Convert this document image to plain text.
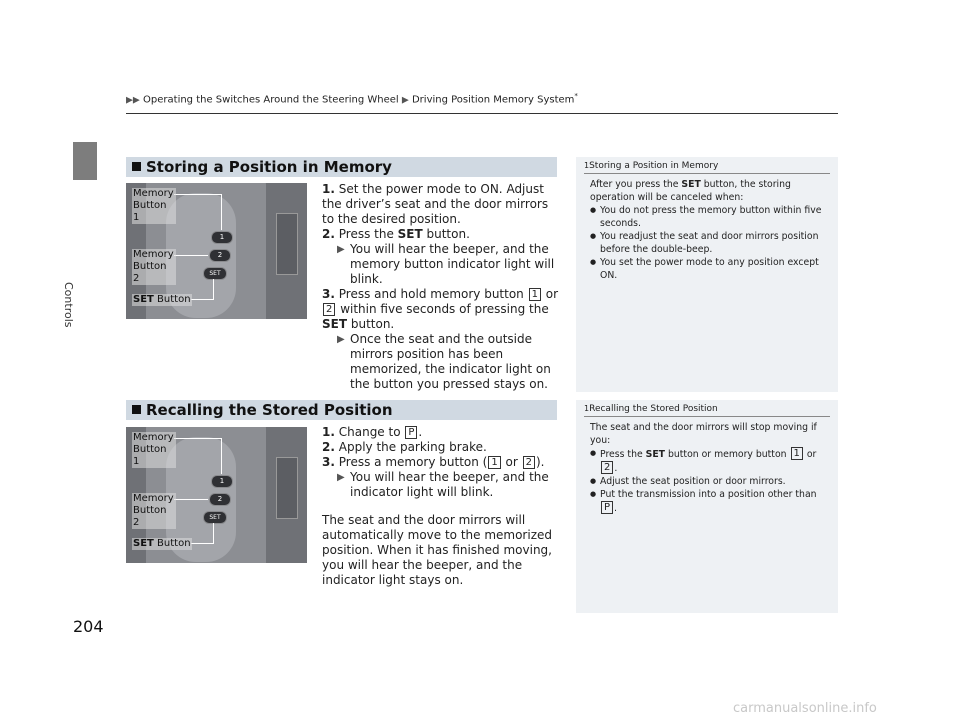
▶▶ Operating the Switches Around the Steering Wheel ▶ Driving Position Memory System*
Controls
204
Storing a Position in Memory
1
2
SET
Memory Button 1
Memory Button 2
SET Button

1. Set the power mode to ON. Adjust the driver’s seat and the door mirrors to the desired position.

2. Press the SET button.

▶ You will hear the beeper, and the memory button indicator light will blink.

3. Press and hold memory button 1 or 2 within five seconds of pressing the SET button.

▶ Once the seat and the outside mirrors position has been memorized, the indicator light on the button you pressed stays on.

1Storing a Position in Memory
After you press the SET button, the storing operation will be canceled when:
● You do not press the memory button within five seconds.
● You readjust the seat and door mirrors position before the double-beep.
● You set the power mode to any position except ON.
Recalling the Stored Position
1
2
SET
Memory Button 1
Memory Button 2
SET Button

1. Change to P .

2. Apply the parking brake.

3. Press a memory button ( 1 or 2 ).

▶ You will hear the beeper, and the indicator light will blink.

The seat and the door mirrors will automatically move to the memorized position. When it has finished moving, you will hear the beeper, and the indicator light stays on.

1Recalling the Stored Position
The seat and the door mirrors will stop moving if you:
● Press the SET button or memory button 1 or 2 .
● Adjust the seat position or door mirrors.
● Put the transmission into a position other than P .
carmanualsonline.info
